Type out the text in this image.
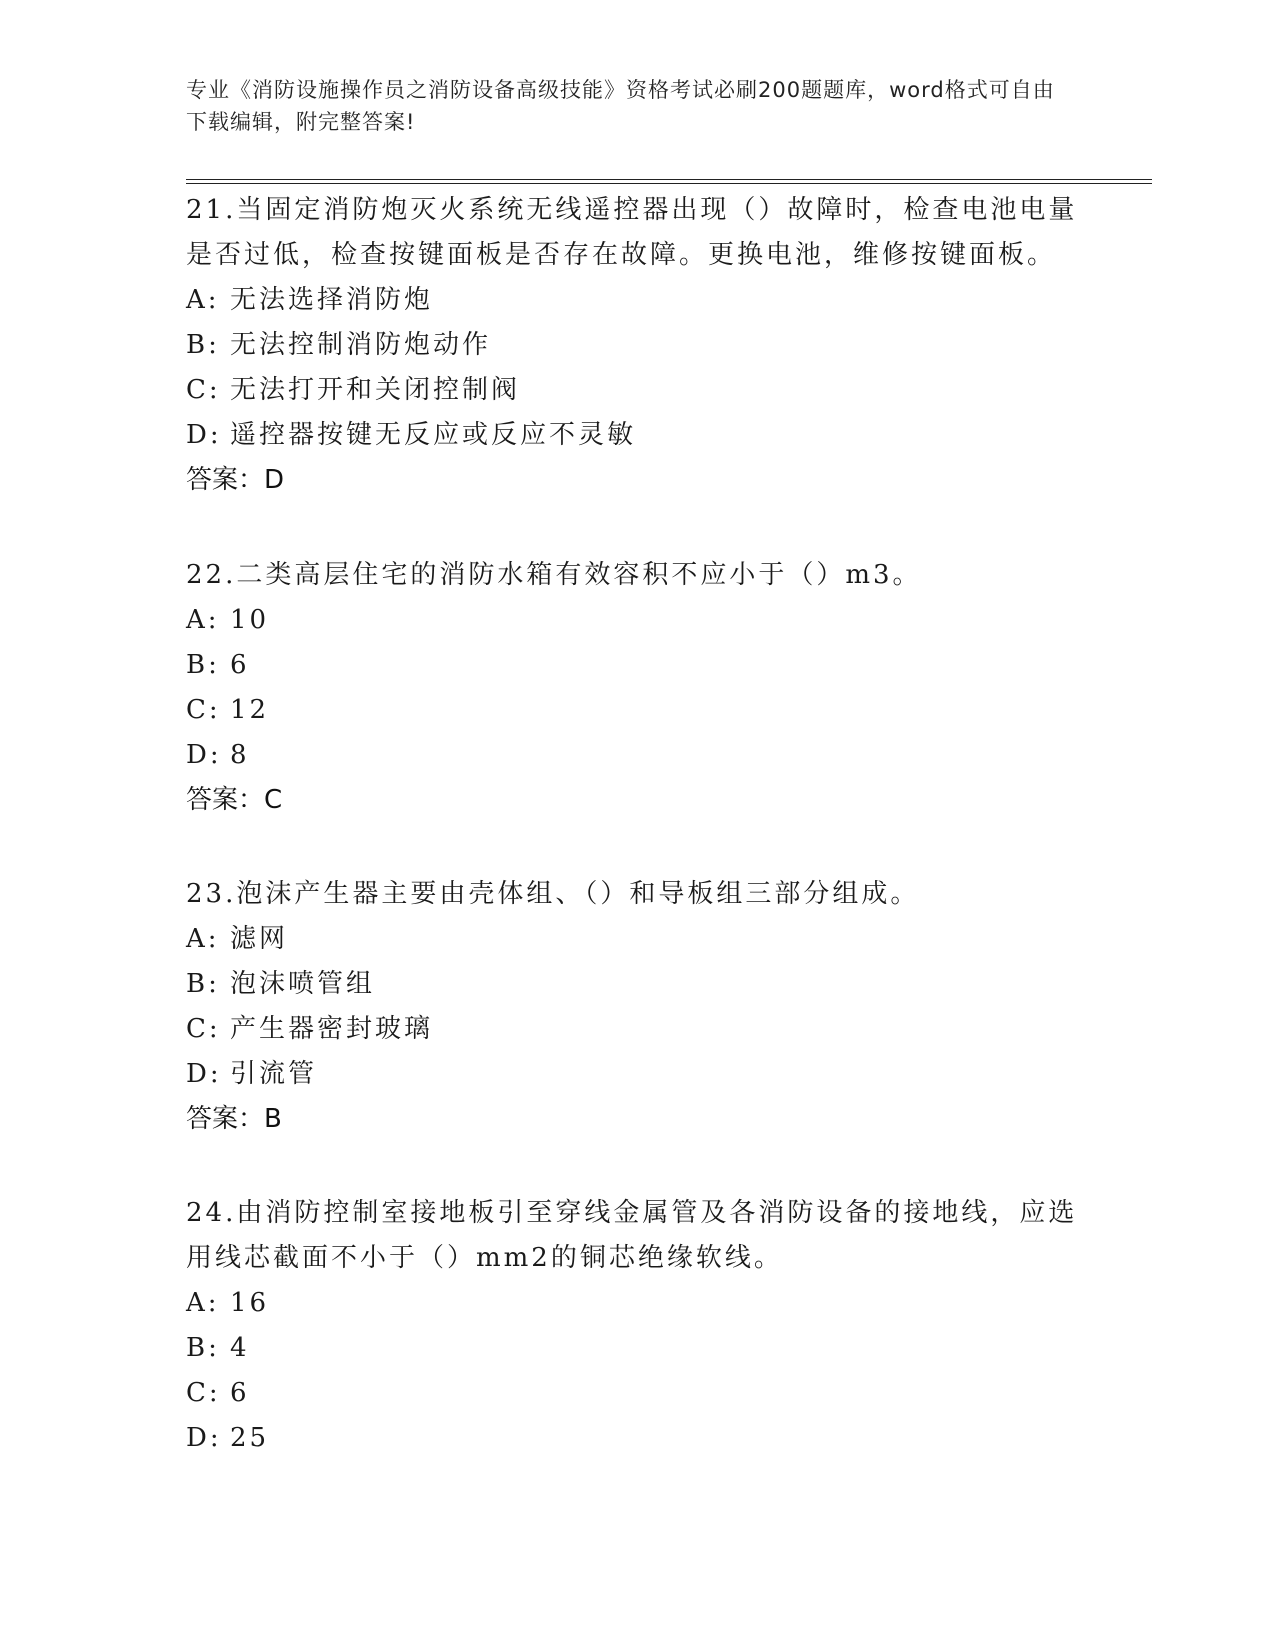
专业《消防设施操作员之消防设备高级技能》资格考试必刷200题题库，word格式可自由下载编辑，附完整答案!

21.当固定消防炮灭火系统无线遥控器出现（）故障时，检查电池电量是否过低，检查按键面板是否存在故障。更换电池，维修按键面板。

A: 无法选择消防炮
B: 无法控制消防炮动作
C: 无法打开和关闭控制阀
D: 遥控器按键无反应或反应不灵敏
答案：D

22.二类高层住宅的消防水箱有效容积不应小于（）m3。

A: 10
B: 6
C: 12
D: 8
答案：C

23.泡沫产生器主要由壳体组、（）和导板组三部分组成。

A: 滤网
B: 泡沫喷管组
C: 产生器密封玻璃
D: 引流管
答案：B

24.由消防控制室接地板引至穿线金属管及各消防设备的接地线，应选用线芯截面不小于（）mm2的铜芯绝缘软线。

A: 16
B: 4
C: 6
D: 25
